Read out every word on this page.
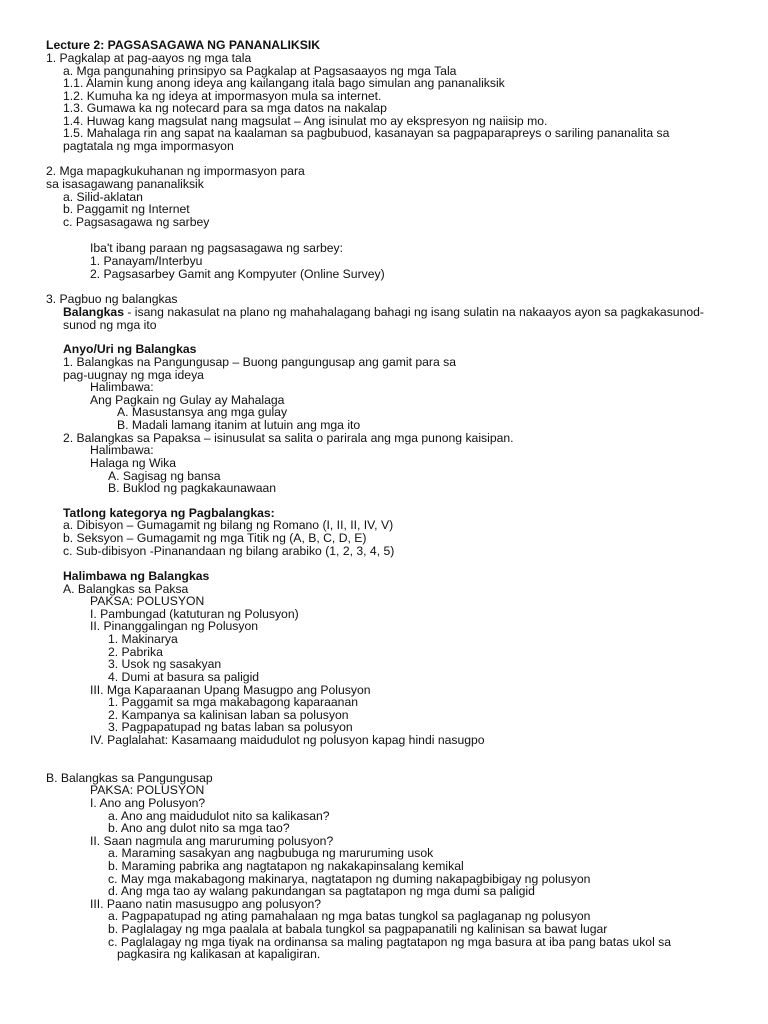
Lecture 2: PAGSASAGAWA NG PANANALIKSIK
1. Pagkalap at pag-aayos ng mga tala
a. Mga pangunahing prinsipyo sa Pagkalap at Pagsasaayos ng mga Tala
1.1. Alamin kung anong ideya ang kailangang itala bago simulan ang pananaliksik
1.2. Kumuha ka ng ideya at impormasyon mula sa internet.
1.3. Gumawa ka ng notecard para sa mga datos na nakalap
1.4. Huwag kang magsulat nang magsulat – Ang isinulat mo ay ekspresyon ng naiisip mo.
1.5. Mahalaga rin ang sapat na kaalaman sa pagbubuod, kasanayan sa pagpaparapreys o sariling pananalita sa
pagtatala ng mga impormasyon
2. Mga mapagkukuhanan ng impormasyon para
sa isasagawang pananaliksik
a. Silid-aklatan
b. Paggamit ng Internet
c. Pagsasagawa ng sarbey
Iba't ibang paraan ng pagsasagawa ng sarbey:
1. Panayam/Interbyu
2. Pagsasarbey Gamit ang Kompyuter (Online Survey)
3. Pagbuo ng balangkas
Balangkas - isang nakasulat na plano ng mahahalagang bahagi ng isang sulatin na nakaayos ayon sa pagkakasunod-
sunod ng mga ito
Anyo/Uri ng Balangkas
1. Balangkas na Pangungusap – Buong pangungusap ang gamit para sa
pag-uugnay ng mga ideya
Halimbawa:
Ang Pagkain ng Gulay ay Mahalaga
A. Masustansya ang mga gulay
B. Madali lamang itanim at lutuin ang mga ito
2. Balangkas sa Papaksa – isinusulat sa salita o parirala ang mga punong kaisipan.
Halimbawa:
Halaga ng Wika
A. Sagisag ng bansa
B. Buklod ng pagkakaunawaan
Tatlong kategorya ng Pagbalangkas:
a. Dibisyon – Gumagamit ng bilang ng Romano (I, II, II, IV, V)
b. Seksyon – Gumagamit ng mga Titik ng (A, B, C, D, E)
c. Sub-dibisyon -Pinanandaan ng bilang arabiko (1, 2, 3, 4, 5)
Halimbawa ng Balangkas
A. Balangkas sa Paksa
PAKSA: POLUSYON
I. Pambungad (katuturan ng Polusyon)
II. Pinanggalingan ng Polusyon
1. Makinarya
2. Pabrika
3. Usok ng sasakyan
4. Dumi at basura sa paligid
III. Mga Kaparaanan Upang Masugpo ang Polusyon
1. Paggamit sa mga makabagong kaparaanan
2. Kampanya sa kalinisan laban sa polusyon
3. Pagpapatupad ng batas laban sa polusyon
IV. Paglalahat: Kasamaang maidudulot ng polusyon kapag hindi nasugpo
B. Balangkas sa Pangungusap
PAKSA: POLUSYON
I. Ano ang Polusyon?
a. Ano ang maidudulot nito sa kalikasan?
b. Ano ang dulot nito sa mga tao?
II. Saan nagmula ang maruruming polusyon?
a. Maraming sasakyan ang nagbubuga ng maruruming usok
b. Maraming pabrika ang nagtatapon ng nakakapinsalang kemikal
c. May mga makabagong makinarya, nagtatapon ng duming nakapagbibigay ng polusyon
d. Ang mga tao ay walang pakundangan sa pagtatapon ng mga dumi sa paligid
III. Paano natin masusugpo ang polusyon?
a. Pagpapatupad ng ating pamahalaan ng mga batas tungkol sa paglaganap ng polusyon
b. Paglalagay ng mga paalala at babala tungkol sa pagpapanatili ng kalinisan sa bawat lugar
c. Paglalagay ng mga tiyak na ordinansa sa maling pagtatapon ng mga basura at iba pang batas ukol sa
pagkasira ng kalikasan at kapaligiran.
